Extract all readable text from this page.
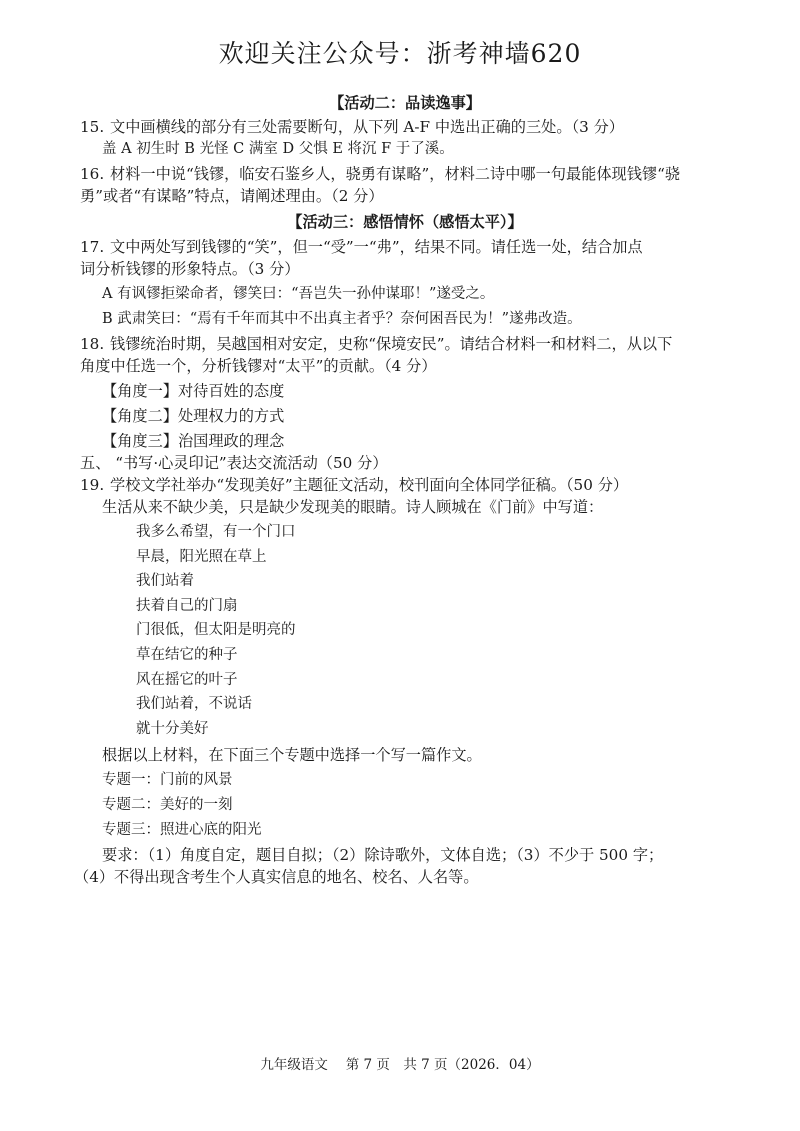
欢迎关注公众号：浙考神墙620
【活动二：品读逸事】
15. 文中画横线的部分有三处需要断句，从下列 A-F 中选出正确的三处。（3 分）
盖 A 初生时 B 光怪 C 满室 D 父惧 E 将沉 F 于了溪。
16. 材料一中说“钱镠，临安石鉴乡人，骁勇有谋略”，材料二诗中哪一句最能体现钱镠“骁
勇”或者“有谋略”特点，请阐述理由。（2 分）
【活动三：感悟情怀（感悟太平）】
17. 文中两处写到钱镠的“笑”，但一“受”一“弗”，结果不同。请任选一处，结合加点
词分析钱镠的形象特点。（3 分）
A 有讽镠拒梁命者，镠笑曰：“吾岂失一孙仲谋耶！”遂受之。
B 武肃笑曰：“焉有千年而其中不出真主者乎？奈何困吾民为！”遂弗改造。
18. 钱镠统治时期，吴越国相对安定，史称“保境安民”。请结合材料一和材料二，从以下
角度中任选一个，分析钱镠对“太平”的贡献。（4 分）
【角度一】对待百姓的态度
【角度二】处理权力的方式
【角度三】治国理政的理念
五、 “书写·心灵印记”表达交流活动（50 分）
19. 学校文学社举办“发现美好”主题征文活动，校刊面向全体同学征稿。（50 分）
生活从来不缺少美，只是缺少发现美的眼睛。诗人顾城在《门前》中写道：
我多么希望，有一个门口
早晨，阳光照在草上
我们站着
扶着自己的门扇
门很低，但太阳是明亮的
草在结它的种子
风在摇它的叶子
我们站着，不说话
就十分美好
根据以上材料，在下面三个专题中选择一个写一篇作文。
专题一：门前的风景
专题二：美好的一刻
专题三：照进心底的阳光
要求：（1）角度自定，题目自拟；（2）除诗歌外，文体自选；（3）不少于 500 字；
（4）不得出现含考生个人真实信息的地名、校名、人名等。
九年级语文　 第 7 页　共 7 页（2026．04）
